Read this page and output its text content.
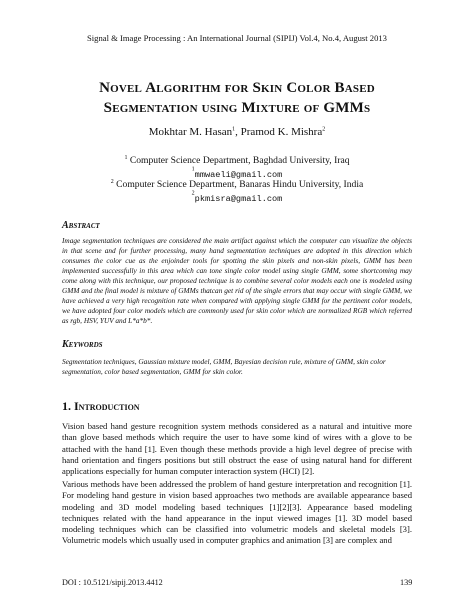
Signal & Image Processing : An International Journal (SIPIJ) Vol.4, No.4, August 2013
Novel Algorithm for Skin Color Based
Segmentation using Mixture of GMMs
Mokhtar M. Hasan$^1$, Pramod K. Mishra$^2$
$^1$ Computer Science Department, Baghdad University, Iraq
$^1$mmwaeli@gmail.com
$^2$ Computer Science Department, Banaras Hindu University, India
$^2$pkmisra@gmail.com
Abstract
Image segmentation techniques are considered the main artifact against which the computer can visualize the objects in that scene and for further processing, many hand segmentation techniques are adopted in this direction which consumes the color cue as the enjoinder tools for spotting the skin pixels and non-skin pixels, GMM has been implemented successfully in this area which can tone single color model using single GMM, some shortcoming may come along with this technique, our proposed technique is to combine several color models each one is modeled using GMM and the final model is mixture of GMMs thatcan get rid of the single errors that may occur with single GMM, we have achieved a very high recognition rate when compared with applying single GMM for the pertinent color models, we have adopted four color models which are commonly used for skin color which are normalized RGB which referred as rgb, HSV, YUV and L*a*b*.
Keywords
Segmentation techniques, Gaussian mixture model, GMM, Bayesian decision rule, mixture of GMM, skin color segmentation, color based segmentation, GMM for skin color.
1. Introduction
Vision based hand gesture recognition system methods considered as a natural and intuitive more than glove based methods which require the user to have some kind of wires with a glove to be attached with the hand [1]. Even though these methods provide a high level degree of precise with hand orientation and fingers positions but still obstruct the ease of using natural hand for different applications especially for human computer interaction system (HCI) [2].
Various methods have been addressed the problem of hand gesture interpretation and recognition [1]. For modeling hand gesture in vision based approaches two methods are available appearance based modeling and 3D model modeling based techniques [1][2][3]. Appearance based modeling techniques related with the hand appearance in the input viewed images [1]. 3D model based modeling techniques which can be classified into volumetric models and skeletal models [3]. Volumetric models which usually used in computer graphics and animation [3] are complex and
DOI : 10.5121/sipij.2013.4412	139
